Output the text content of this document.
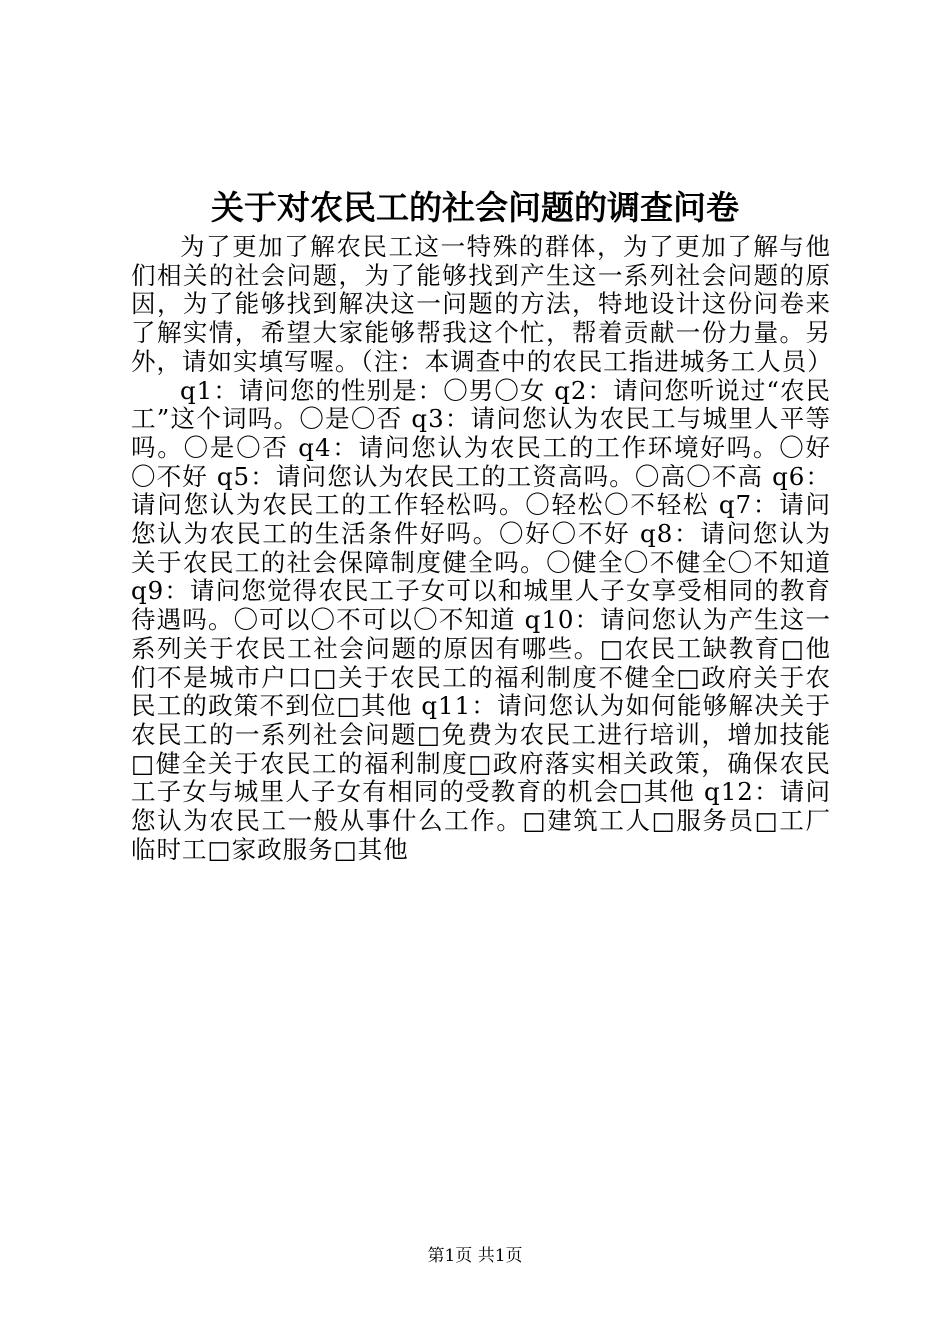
关于对农民工的社会问题的调查问卷

为了更加了解农民工这一特殊的群体，为了更加了解与他们相关的社会问题，为了能够找到产生这一系列社会问题的原因，为了能够找到解决这一问题的方法，特地设计这份问卷来了解实情，希望大家能够帮我这个忙，帮着贡献一份力量。另外，请如实填写喔。（注：本调查中的农民工指进城务工人员）

q1：请问您的性别是：〇男〇女 q2：请问您听说过“农民工”这个词吗。〇是〇否 q3：请问您认为农民工与城里人平等吗。〇是〇否 q4：请问您认为农民工的工作环境好吗。〇好〇不好 q5：请问您认为农民工的工资高吗。〇高〇不高 q6：请问您认为农民工的工作轻松吗。〇轻松〇不轻松 q7：请问您认为农民工的生活条件好吗。〇好〇不好 q8：请问您认为关于农民工的社会保障制度健全吗。〇健全〇不健全〇不知道 q9：请问您觉得农民工子女可以和城里人子女享受相同的教育待遇吗。〇可以〇不可以〇不知道 q10：请问您认为产生这一系列关于农民工社会问题的原因有哪些。□农民工缺教育□他们不是城市户口□关于农民工的福利制度不健全□政府关于农民工的政策不到位□其他 q11：请问您认为如何能够解决关于农民工的一系列社会问题□免费为农民工进行培训，增加技能□健全关于农民工的福利制度□政府落实相关政策，确保农民工子女与城里人子女有相同的受教育的机会□其他 q12：请问您认为农民工一般从事什么工作。□建筑工人□服务员□工厂临时工□家政服务□其他

第1页 共1页
